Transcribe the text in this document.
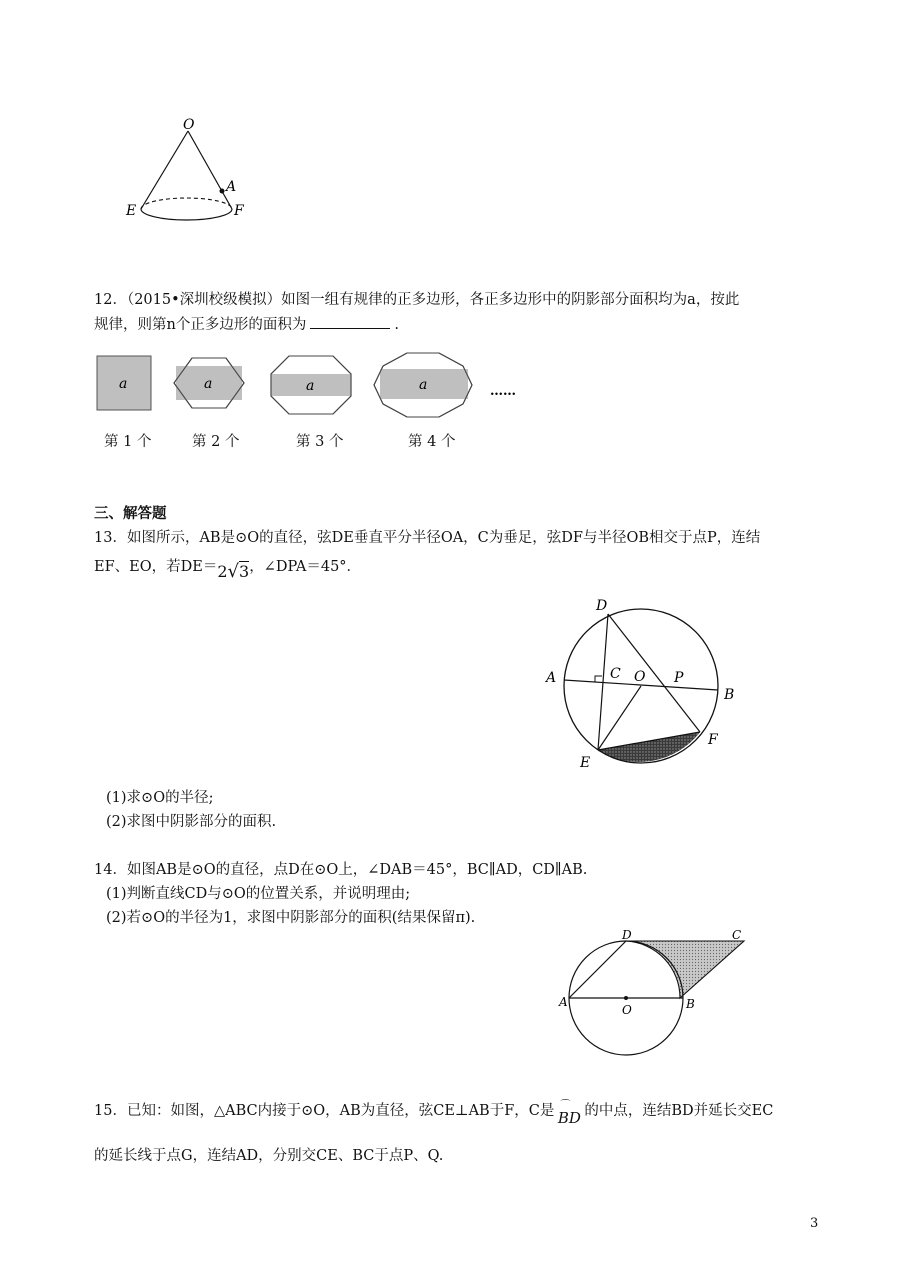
O
A
E	F
12．（2015•深圳校级模拟）如图一组有规律的正多边形，各正多边形中的阴影部分面积均为a，按此
规律，则第n个正多边形的面积为	.
a	a	a	a	……
第 1 个	第 2 个	第 3 个	第 4 个
三、解答题
13．如图所示，AB是⊙O的直径，弦DE垂直平分半径OA，C为垂足，弦DF与半径OB相交于点P，连结
EF、EO，若DE＝2√3，∠DPA＝45°．
D
A	C O P
B
E
F
(1)求⊙O的半径;
(2)求图中阴影部分的面积.
14．如图AB是⊙O的直径，点D在⊙O上，∠DAB＝45°，BC∥AD，CD∥AB.
(1)判断直线CD与⊙O的位置关系，并说明理由;
(2)若⊙O的半径为1，求图中阴影部分的面积(结果保留π).
D	C
A
O	B
15．已知：如图，△ABC内接于⊙O，AB为直径，弦CE⊥AB于F，C是 ⌒
BD 的中点，连结BD并延长交EC
的延长线于点G，连结AD，分别交CE、BC于点P、Q.
3
